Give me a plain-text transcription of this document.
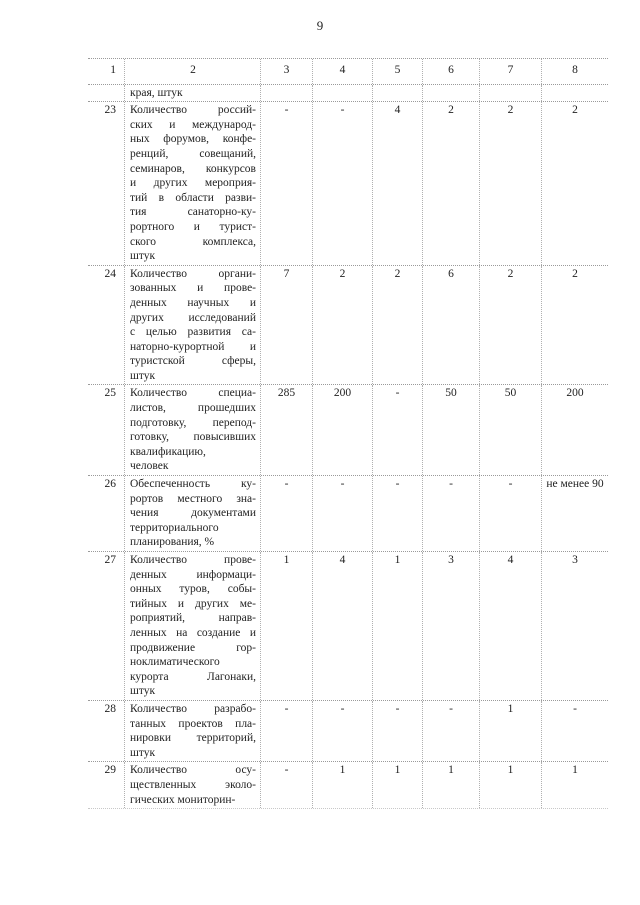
9
1	2	3	4	5	6	7	8
края, штук
23	Количество россий-
ских и международ-
ных форумов, конфе-
ренций, совещаний,
семинаров, конкурсов
и других мероприя-
тий в области разви-
тия санаторно-ку-
рортного и турист-
ского комплекса,
штук
-	-	4	2	2	2
24	Количество органи-
зованных и прове-
денных научных и
других исследований
с целью развития са-
наторно-курортной и
туристской сферы,
штук
7	2	2	6	2	2
25	Количество специа-
листов, прошедших
подготовку, перепод-
готовку, повысивших
квалификацию,
человек
285	200	-	50	50	200
26	Обеспеченность ку-
рортов местного зна-
чения документами
территориального
планирования, %
-	-	-	-	-	не менее 90
27	Количество прове-
денных информаци-
онных туров, собы-
тийных и других ме-
роприятий, направ-
ленных на создание и
продвижение гор-
ноклиматического
курорта Лагонаки,
штук
1	4	1	3	4	3
28	Количество разрабо-
танных проектов пла-
нировки территорий,
штук
-	-	-	-	1	-
29	Количество осу-
ществленных эколо-
гических мониторин-
-	1	1	1	1	1
